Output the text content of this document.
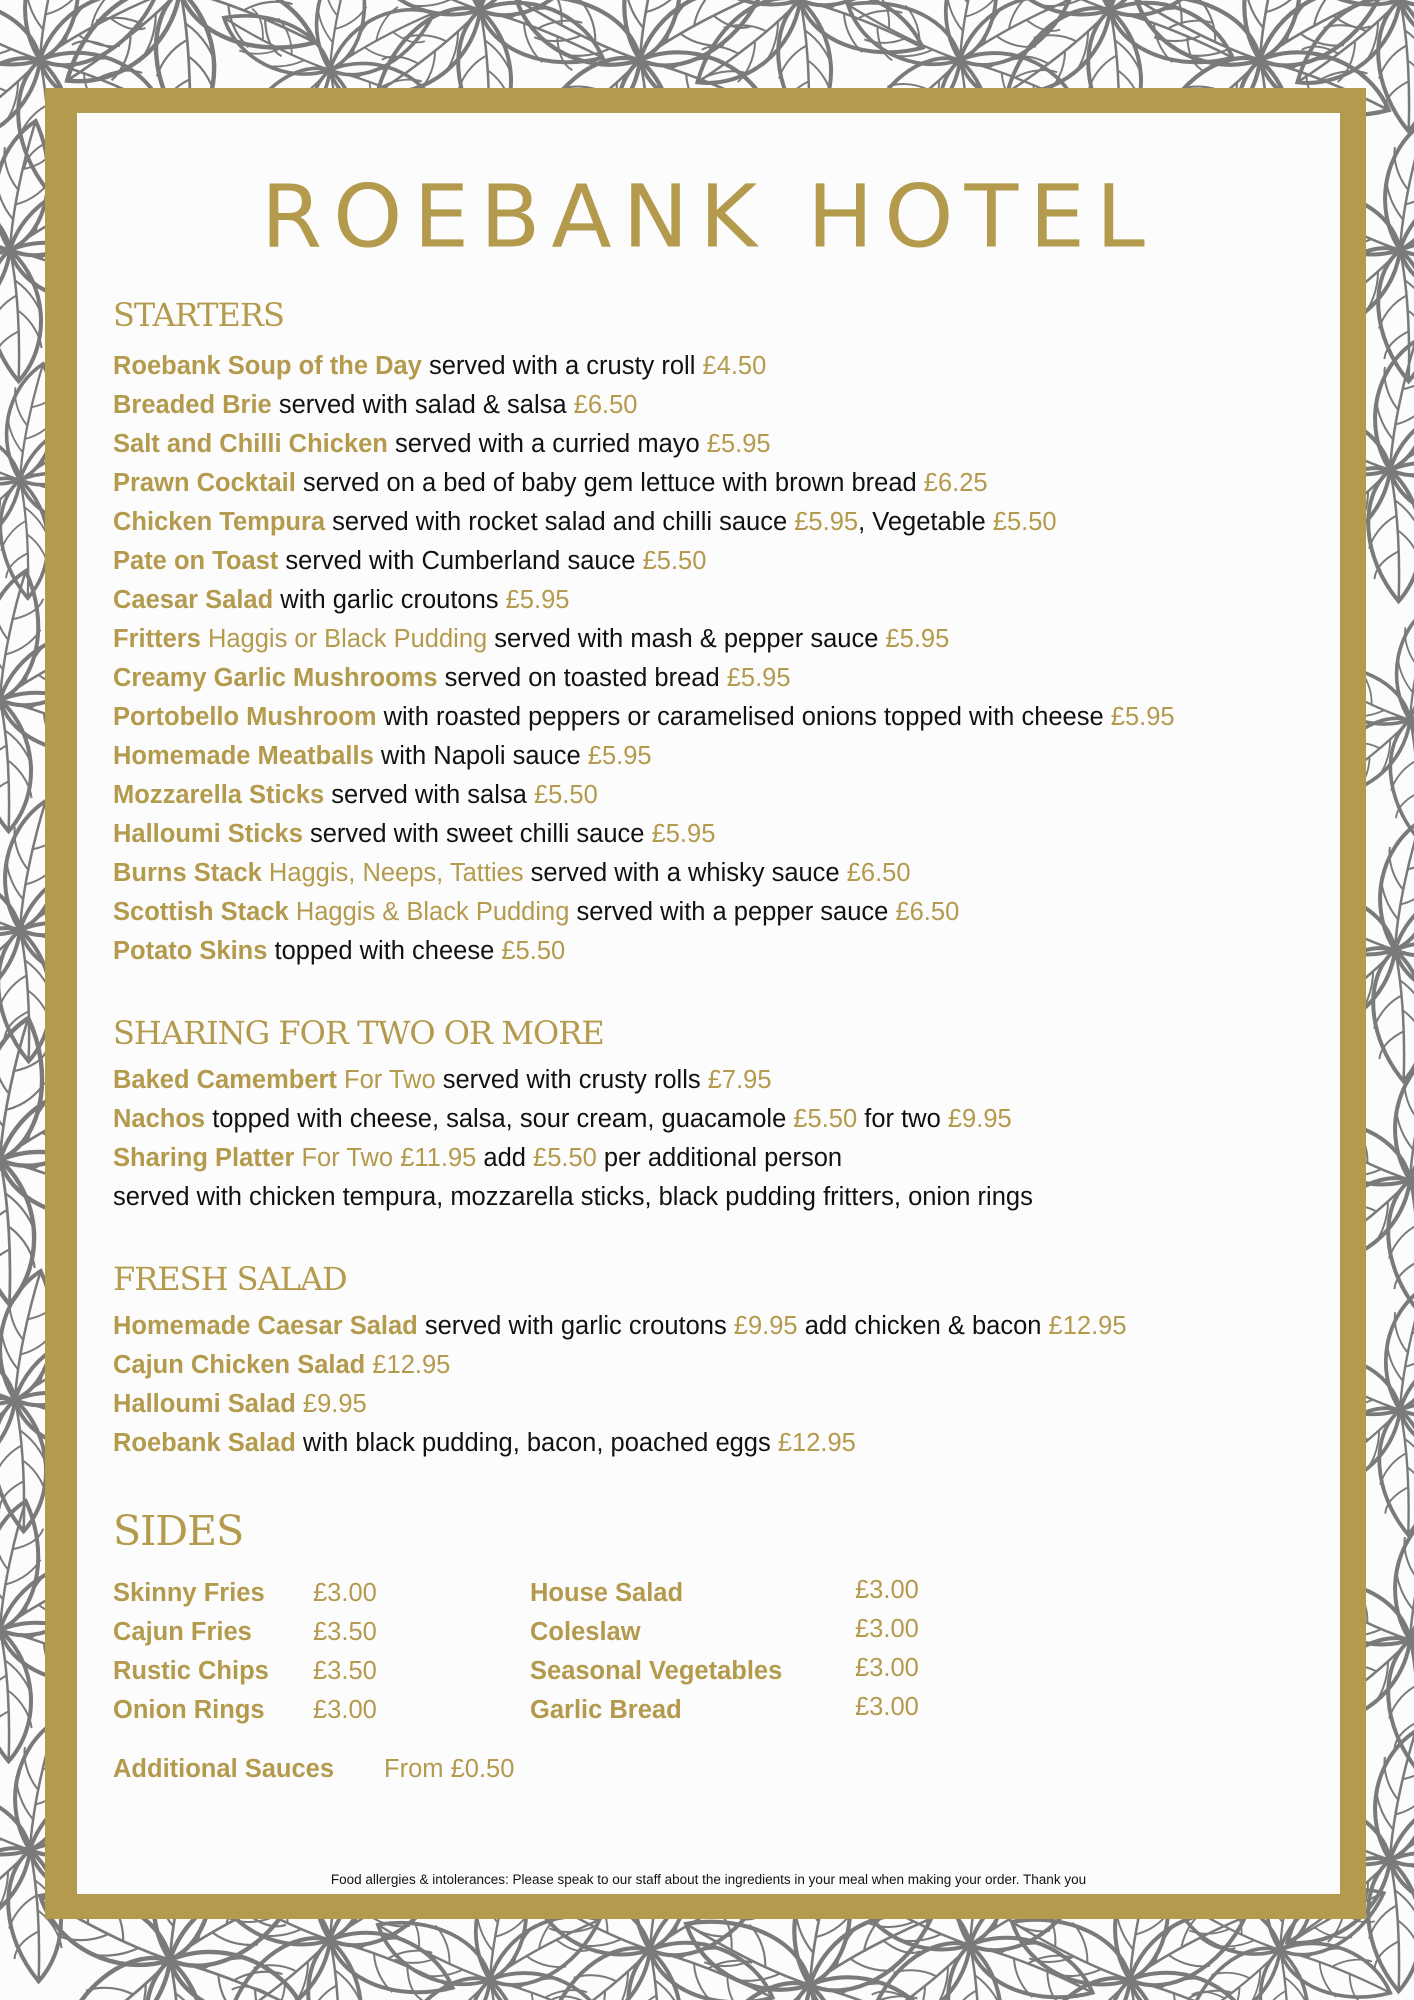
ROEBANK HOTEL
STARTERS
Roebank Soup of the Day served with a crusty roll £4.50
Breaded Brie served with salad & salsa £6.50
Salt and Chilli Chicken served with a curried mayo £5.95
Prawn Cocktail served on a bed of baby gem lettuce with brown bread £6.25
Chicken Tempura served with rocket salad and chilli sauce £5.95, Vegetable £5.50
Pate on Toast served with Cumberland sauce £5.50
Caesar Salad with garlic croutons £5.95
Fritters Haggis or Black Pudding served with mash & pepper sauce £5.95
Creamy Garlic Mushrooms served on toasted bread £5.95
Portobello Mushroom with roasted peppers or caramelised onions topped with cheese £5.95
Homemade Meatballs with Napoli sauce £5.95
Mozzarella Sticks served with salsa £5.50
Halloumi Sticks served with sweet chilli sauce £5.95
Burns Stack Haggis, Neeps, Tatties served with a whisky sauce £6.50
Scottish Stack Haggis & Black Pudding served with a pepper sauce £6.50
Potato Skins topped with cheese £5.50
SHARING FOR TWO OR MORE
Baked Camembert For Two served with crusty rolls £7.95
Nachos topped with cheese, salsa, sour cream, guacamole £5.50 for two £9.95
Sharing Platter For Two £11.95 add £5.50 per additional person
served with chicken tempura, mozzarella sticks, black pudding fritters, onion rings
FRESH SALAD
Homemade Caesar Salad served with garlic croutons £9.95 add chicken & bacon £12.95
Cajun Chicken Salad £12.95
Halloumi Salad £9.95
Roebank Salad with black pudding, bacon, poached eggs £12.95
SIDES
Skinny Fries £3.00
Cajun Fries £3.50
Rustic Chips £3.50
Onion Rings £3.00
House Salad	£3.00
Coleslaw	£3.00
Seasonal Vegetables	£3.00
Garlic Bread	£3.00
Additional Sauces From £0.50
Food allergies & intolerances: Please speak to our staff about the ingredients in your meal when making your order. Thank you
